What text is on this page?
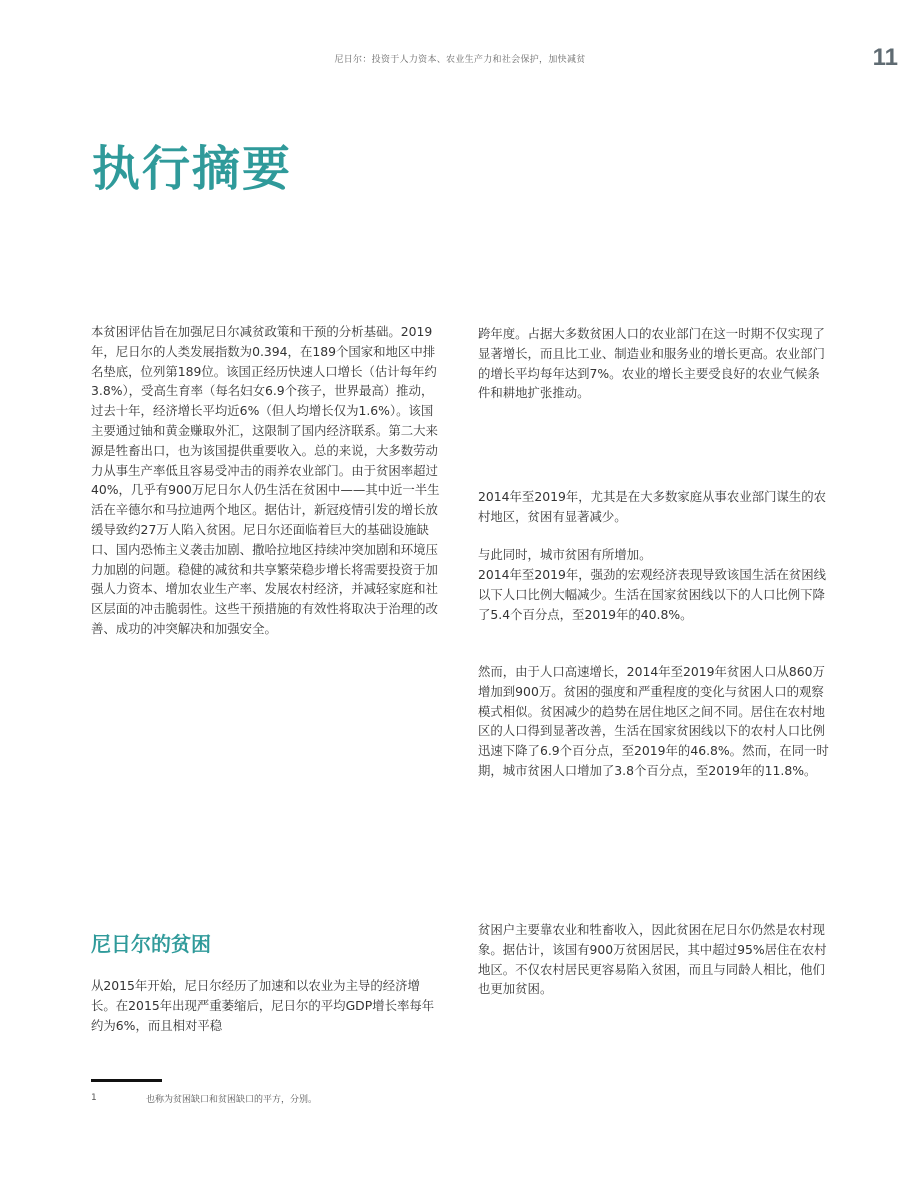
尼日尔：投资于人力资本、农业生产力和社会保护，加快减贫	11
执行摘要

本贫困评估旨在加强尼日尔减贫政策和干预的分析基础。2019年，尼日尔的人类发展指数为0.394，在189个国家和地区中排名垫底，位列第189位。该国正经历快速人口增长（估计每年约3.8%），受高生育率（每名妇女6.9个孩子，世界最高）推动，过去十年，经济增长平均近6%（但人均增长仅为1.6%）。该国主要通过铀和黄金赚取外汇，这限制了国内经济联系。第二大来源是牲畜出口，也为该国提供重要收入。总的来说，大多数劳动力从事生产率低且容易受冲击的雨养农业部门。由于贫困率超过40%，几乎有900万尼日尔人仍生活在贫困中——其中近一半生活在辛德尔和马拉迪两个地区。据估计，新冠疫情引发的增长放缓导致约27万人陷入贫困。尼日尔还面临着巨大的基础设施缺口、国内恐怖主义袭击加剧、撒哈拉地区持续冲突加剧和环境压力加剧的问题。稳健的减贫和共享繁荣稳步增长将需要投资于加强人力资本、增加农业生产率、发展农村经济，并减轻家庭和社区层面的冲击脆弱性。这些干预措施的有效性将取决于治理的改善、成功的冲突解决和加强安全。

尼日尔的贫困

从2015年开始，尼日尔经历了加速和以农业为主导的经济增长。在2015年出现严重萎缩后，尼日尔的平均GDP增长率每年约为6%，而且相对平稳

跨年度。占据大多数贫困人口的农业部门在这一时期不仅实现了显著增长，而且比工业、制造业和服务业的增长更高。农业部门的增长平均每年达到7%。农业的增长主要受良好的农业气候条件和耕地扩张推动。

2014年至2019年，尤其是在大多数家庭从事农业部门谋生的农村地区，贫困有显著减少。

与此同时，城市贫困有所增加。

2014年至2019年，强劲的宏观经济表现导致该国生活在贫困线以下人口比例大幅减少。生活在国家贫困线以下的人口比例下降了5.4个百分点，至2019年的40.8%。

然而，由于人口高速增长，2014年至2019年贫困人口从860万增加到900万。贫困的强度和严重程度的变化与贫困人口的观察模式相似。贫困减少的趋势在居住地区之间不同。居住在农村地区的人口得到显著改善，生活在国家贫困线以下的农村人口比例迅速下降了6.9个百分点，至2019年的46.8%。然而，在同一时期，城市贫困人口增加了3.8个百分点，至2019年的11.8%。

贫困户主要靠农业和牲畜收入，因此贫困在尼日尔仍然是农村现象。据估计，该国有900万贫困居民，其中超过95%居住在农村地区。不仅农村居民更容易陷入贫困，而且与同龄人相比，他们也更加贫困。

1	也称为贫困缺口和贫困缺口的平方，分别。
